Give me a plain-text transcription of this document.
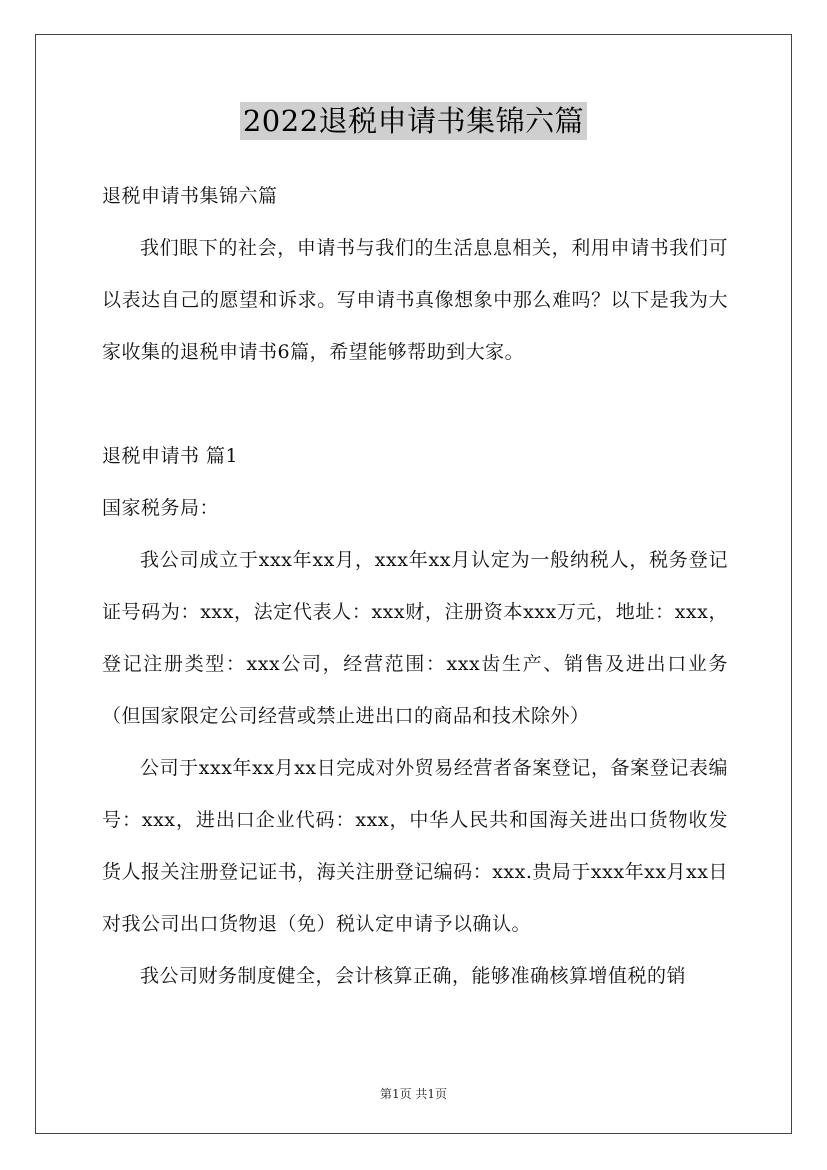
2022退税申请书集锦六篇

退税申请书集锦六篇

我们眼下的社会，申请书与我们的生活息息相关，利用申请书我们可以表达自己的愿望和诉求。写申请书真像想象中那么难吗？以下是我为大家收集的退税申请书6篇，希望能够帮助到大家。

退税申请书 篇1

国家税务局：

我公司成立于xxx年xx月，xxx年xx月认定为一般纳税人，税务登记证号码为：xxx，法定代表人：xxx财，注册资本xxx万元，地址：xxx，登记注册类型：xxx公司，经营范围：xxx齿生产、销售及进出口业务（但国家限定公司经营或禁止进出口的商品和技术除外）

公司于xxx年xx月xx日完成对外贸易经营者备案登记，备案登记表编号：xxx，进出口企业代码：xxx，中华人民共和国海关进出口货物收发货人报关注册登记证书，海关注册登记编码：xxx.贵局于xxx年xx月xx日对我公司出口货物退（免）税认定申请予以确认。

我公司财务制度健全，会计核算正确，能够准确核算增值税的销

第1页 共1页
